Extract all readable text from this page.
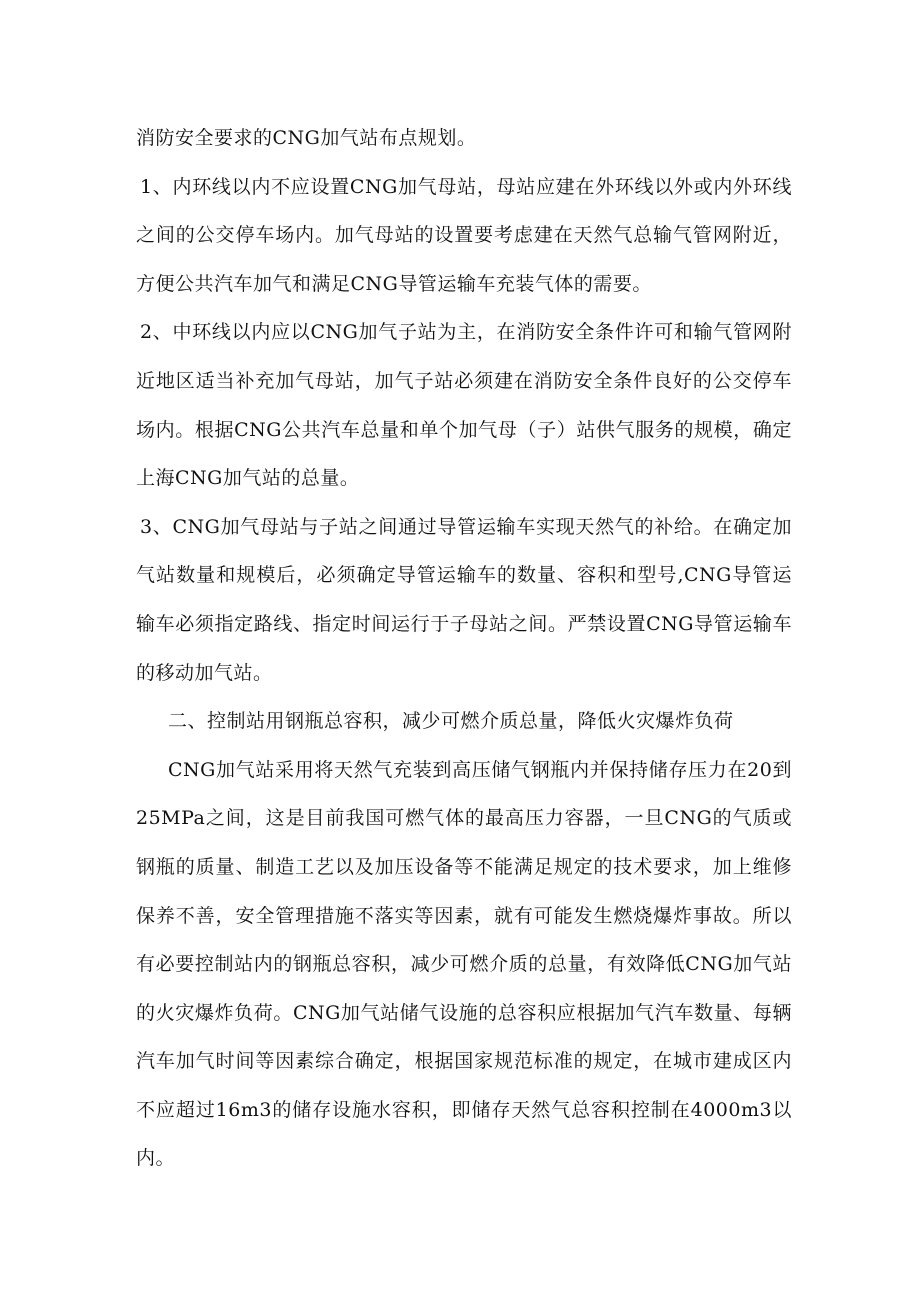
消防安全要求的CNG加气站布点规划。

1、内环线以内不应设置CNG加气母站，母站应建在外环线以外或内外环线之间的公交停车场内。加气母站的设置要考虑建在天然气总输气管网附近，方便公共汽车加气和满足CNG导管运输车充装气体的需要。

2、中环线以内应以CNG加气子站为主，在消防安全条件许可和输气管网附近地区适当补充加气母站，加气子站必须建在消防安全条件良好的公交停车场内。根据CNG公共汽车总量和单个加气母（子）站供气服务的规模，确定上海CNG加气站的总量。

3、CNG加气母站与子站之间通过导管运输车实现天然气的补给。在确定加气站数量和规模后，必须确定导管运输车的数量、容积和型号,CNG导管运输车必须指定路线、指定时间运行于子母站之间。严禁设置CNG导管运输车的移动加气站。

二、控制站用钢瓶总容积，减少可燃介质总量，降低火灾爆炸负荷

CNG加气站采用将天然气充装到高压储气钢瓶内并保持储存压力在20到25MPa之间，这是目前我国可燃气体的最高压力容器，一旦CNG的气质或钢瓶的质量、制造工艺以及加压设备等不能满足规定的技术要求，加上维修保养不善，安全管理措施不落实等因素，就有可能发生燃烧爆炸事故。所以有必要控制站内的钢瓶总容积，减少可燃介质的总量，有效降低CNG加气站的火灾爆炸负荷。CNG加气站储气设施的总容积应根据加气汽车数量、每辆汽车加气时间等因素综合确定，根据国家规范标准的规定，在城市建成区内不应超过16m3的储存设施水容积，即储存天然气总容积控制在4000m3以内。
